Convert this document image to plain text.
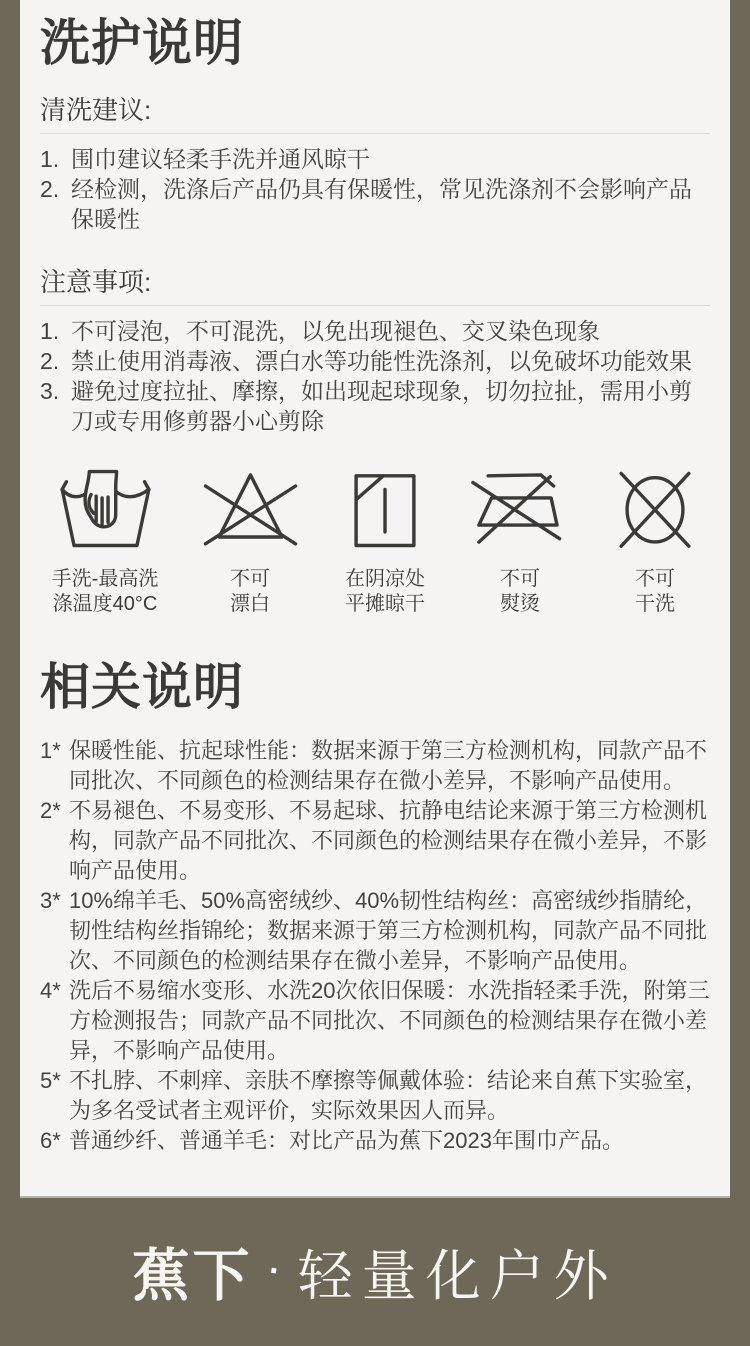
洗护说明
清洗建议:
1. 围巾建议轻柔手洗并通风晾干
2. 经检测，洗涤后产品仍具有保暖性，常见洗涤剂不会影响产品保暖性
注意事项:
1. 不可浸泡，不可混洗，以免出现褪色、交叉染色现象
2. 禁止使用消毒液、漂白水等功能性洗涤剂，以免破坏功能效果
3. 避免过度拉扯、摩擦，如出现起球现象，切勿拉扯，需用小剪刀或专用修剪器小心剪除
手洗-最高洗
涤温度40°C
不可
漂白
在阴凉处
平摊晾干
不可
熨烫
不可
干洗
相关说明
1* 保暖性能、抗起球性能：数据来源于第三方检测机构，同款产品不同批次、不同颜色的检测结果存在微小差异，不影响产品使用。
2* 不易褪色、不易变形、不易起球、抗静电结论来源于第三方检测机构，同款产品不同批次、不同颜色的检测结果存在微小差异，不影响产品使用。
3* 10%绵羊毛、50%高密绒纱、40%韧性结构丝：高密绒纱指腈纶，韧性结构丝指锦纶；数据来源于第三方检测机构，同款产品不同批次、不同颜色的检测结果存在微小差异，不影响产品使用。
4* 洗后不易缩水变形、水洗20次依旧保暖：水洗指轻柔手洗，附第三方检测报告；同款产品不同批次、不同颜色的检测结果存在微小差异，不影响产品使用。
5* 不扎脖、不刺痒、亲肤不摩擦等佩戴体验：结论来自蕉下实验室，为多名受试者主观评价，实际效果因人而异。
6* 普通纱纤、普通羊毛：对比产品为蕉下2023年围巾产品。
蕉下 · 轻量化户外
